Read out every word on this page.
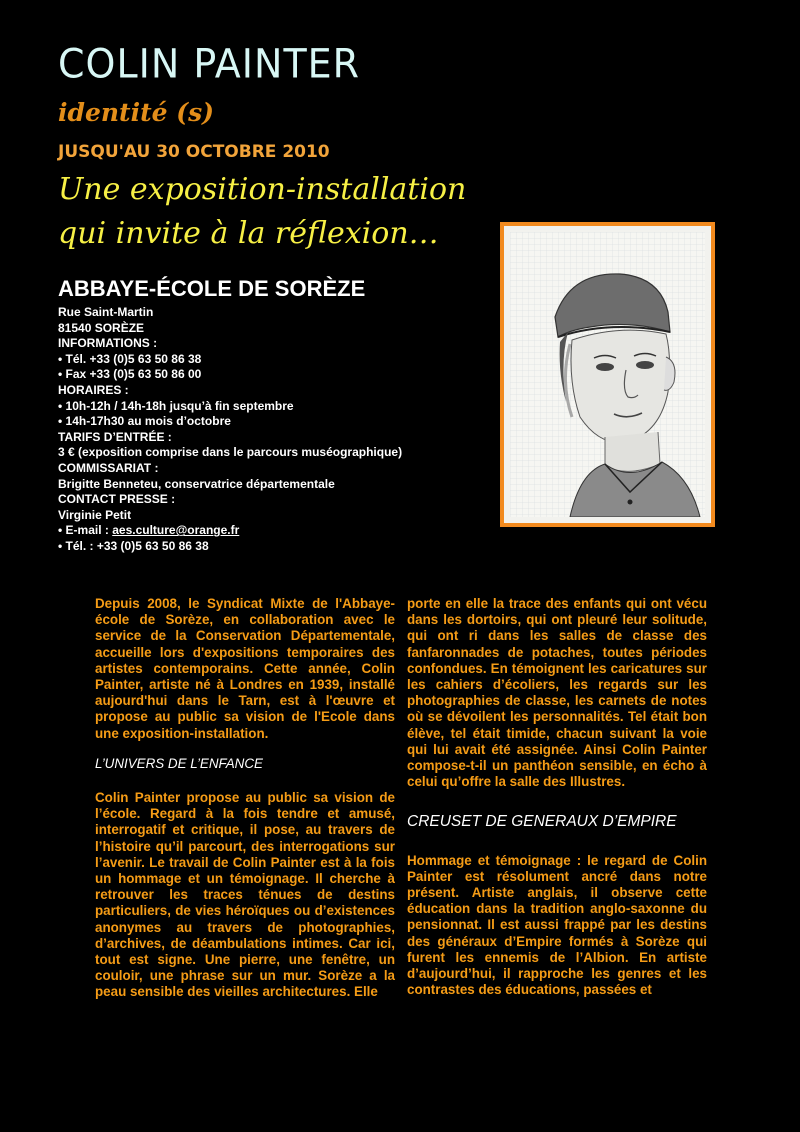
COLIN PAINTER
identité (s)
JUSQU'AU 30 OCTOBRE 2010
Une exposition-installation
qui invite à la réflexion…
ABBAYE-ÉCOLE DE SORÈZE
Rue Saint-Martin
81540 SORÈZE
INFORMATIONS :
• Tél. +33 (0)5 63 50 86 38
• Fax +33 (0)5 63 50 86 00
HORAIRES :
• 10h-12h / 14h-18h jusqu’à fin septembre
• 14h-17h30 au mois d’octobre
TARIFS D’ENTRÉE :
3 € (exposition comprise dans le parcours muséographique)
COMMISSARIAT :
Brigitte Benneteu, conservatrice départementale
CONTACT PRESSE :
Virginie Petit
• E-mail : aes.culture@orange.fr
• Tél. : +33 (0)5 63 50 86 38

Depuis 2008, le Syndicat Mixte de l'Abbaye-école de Sorèze, en collaboration avec le service de la Conservation Départementale, accueille lors d'expositions temporaires des artistes contemporains. Cette année, Colin Painter, artiste né à Londres en 1939, installé aujourd'hui dans le Tarn, est à l'œuvre et propose au public sa vision de l'Ecole dans une exposition-installation.

L’UNIVERS DE L’ENFANCE

Colin Painter propose au public sa vision de l’école. Regard à la fois tendre et amusé, interrogatif et critique, il pose, au travers de l’histoire qu’il parcourt, des interrogations sur l’avenir. Le travail de Colin Painter est à la fois un hommage et un témoignage. Il cherche à retrouver les traces ténues de destins particuliers, de vies héroïques ou d’existences anonymes au travers de photographies, d’archives, de déambulations intimes. Car ici, tout est signe. Une pierre, une fenêtre, un couloir, une phrase sur un mur. Sorèze a la peau sensible des vieilles architectures. Elle

porte en elle la trace des enfants qui ont vécu dans les dortoirs, qui ont pleuré leur solitude, qui ont ri dans les salles de classe des fanfaronnades de potaches, toutes périodes confondues. En témoignent les caricatures sur les cahiers d’écoliers, les regards sur les photographies de classe, les carnets de notes où se dévoilent les personnalités. Tel était bon élève, tel était timide, chacun suivant la voie qui lui avait été assignée. Ainsi Colin Painter compose-t-il un panthéon sensible, en écho à celui qu’offre la salle des Illustres.

CREUSET DE GENERAUX D’EMPIRE

Hommage et témoignage : le regard de Colin Painter est résolument ancré dans notre présent. Artiste anglais, il observe cette éducation dans la tradition anglo-saxonne du pensionnat. Il est aussi frappé par les destins des généraux d’Empire formés à Sorèze qui furent les ennemis de l’Albion. En artiste d’aujourd’hui, il rapproche les genres et les contrastes des éducations, passées et
